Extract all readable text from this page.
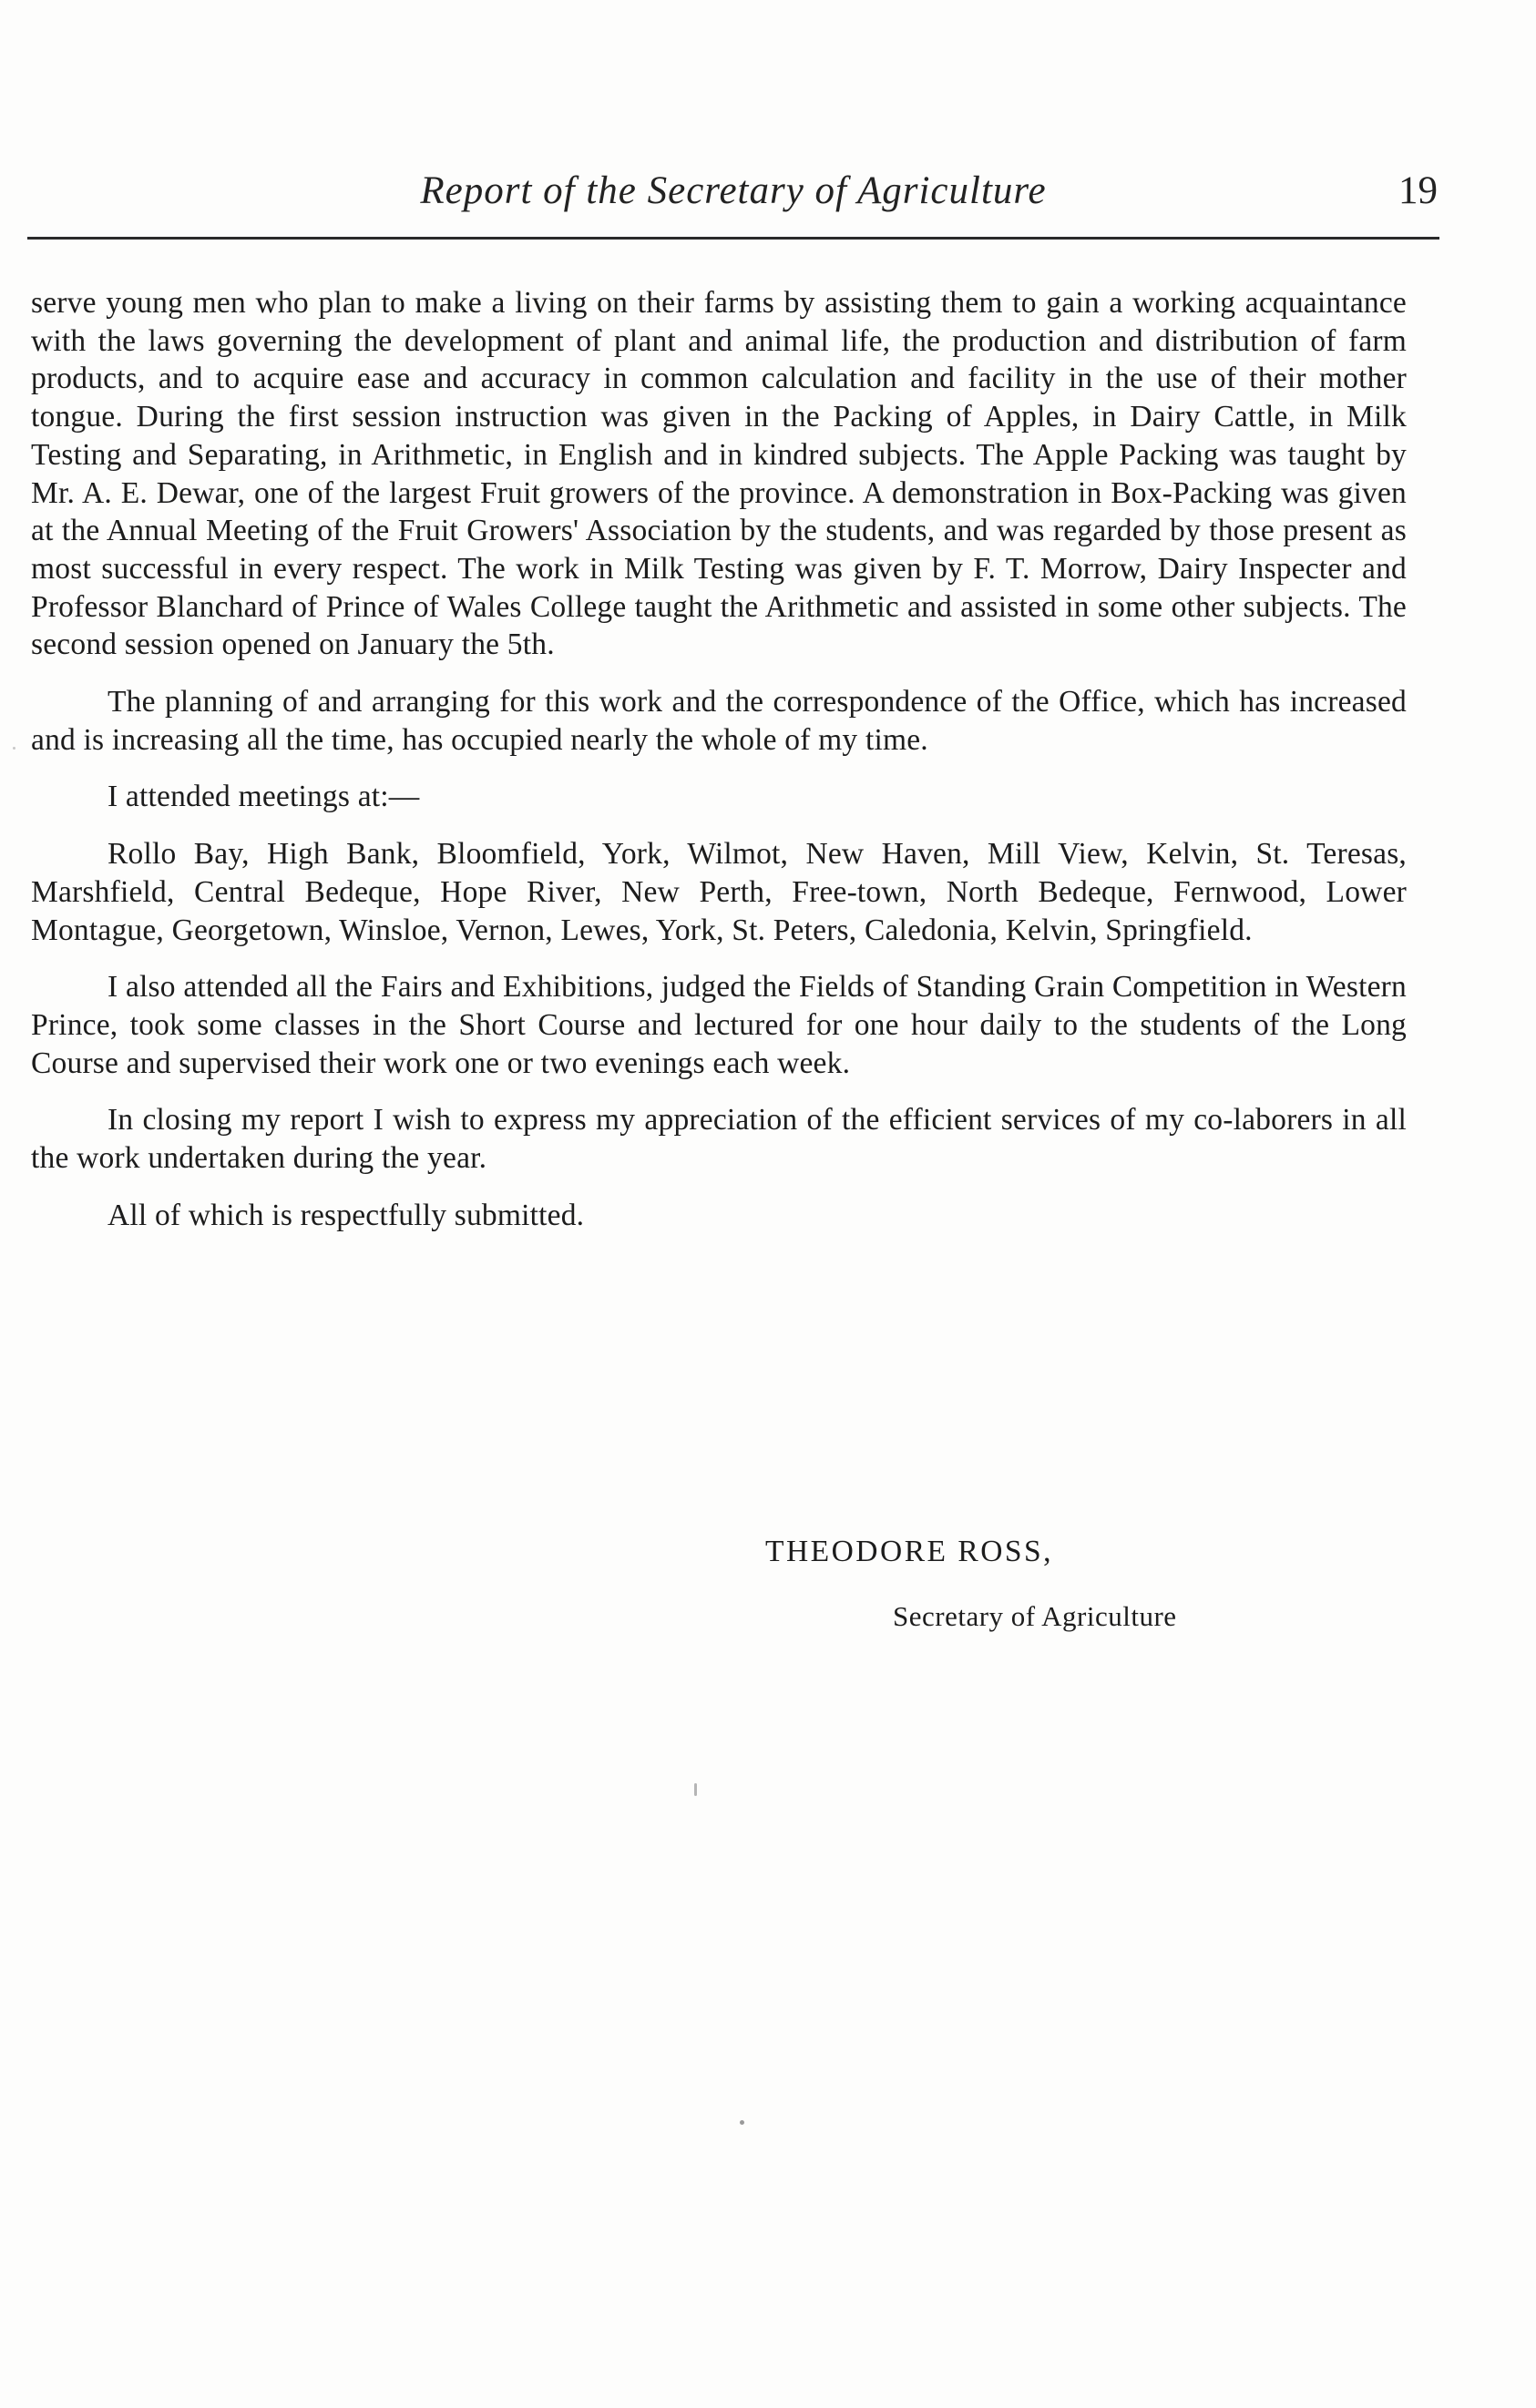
Report of the Secretary of Agriculture	19

serve young men who plan to make a living on their farms by assisting them to gain a working acquaintance with the laws governing the development of plant and animal life, the production and distribution of farm products, and to acquire ease and accuracy in common calculation and facility in the use of their mother tongue. During the first session instruction was given in the Packing of Apples, in Dairy Cattle, in Milk Testing and Separating, in Arithmetic, in English and in kindred subjects. The Apple Packing was taught by Mr. A. E. Dewar, one of the largest Fruit growers of the province. A demonstration in Box-Packing was given at the Annual Meeting of the Fruit Growers' Association by the students, and was regarded by those present as most successful in every respect. The work in Milk Testing was given by F. T. Morrow, Dairy Inspecter and Professor Blanchard of Prince of Wales College taught the Arithmetic and assisted in some other subjects. The second session opened on January the 5th.

The planning of and arranging for this work and the correspondence of the Office, which has increased and is increasing all the time, has occupied nearly the whole of my time.

I attended meetings at:—

Rollo Bay, High Bank, Bloomfield, York, Wilmot, New Haven, Mill View, Kelvin, St. Teresas, Marshfield, Central Bedeque, Hope River, New Perth, Free-town, North Bedeque, Fernwood, Lower Montague, Georgetown, Winsloe, Vernon, Lewes, York, St. Peters, Caledonia, Kelvin, Springfield.

I also attended all the Fairs and Exhibitions, judged the Fields of Standing Grain Competition in Western Prince, took some classes in the Short Course and lectured for one hour daily to the students of the Long Course and supervised their work one or two evenings each week.

In closing my report I wish to express my appreciation of the efficient services of my co-laborers in all the work undertaken during the year.

All of which is respectfully submitted.

THEODORE ROSS,
Secretary of Agriculture
